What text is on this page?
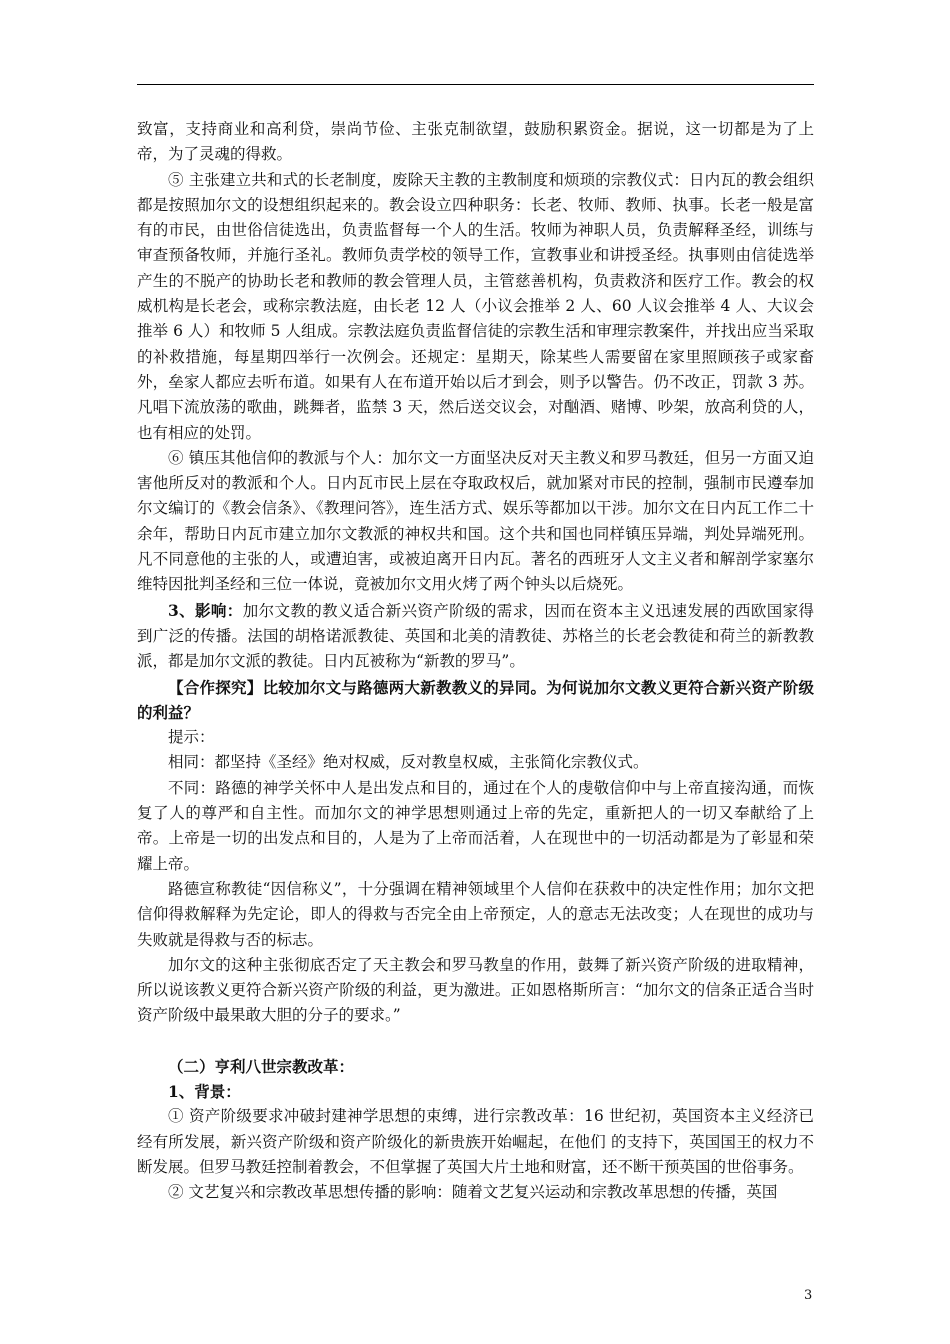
致富，支持商业和高利贷，崇尚节俭、主张克制欲望，鼓励积累资金。据说，这一切都是为了上帝，为了灵魂的得救。

⑤ 主张建立共和式的长老制度，废除天主教的主教制度和烦琐的宗教仪式：日内瓦的教会组织都是按照加尔文的设想组织起来的。教会设立四种职务：长老、牧师、教师、执事。长老一般是富有的市民，由世俗信徒选出，负责监督每一个人的生活。牧师为神职人员，负责解释圣经，训练与审查预备牧师，并施行圣礼。教师负责学校的领导工作，宣教事业和讲授圣经。执事则由信徒选举产生的不脱产的协助长老和教师的教会管理人员，主管慈善机构，负责救济和医疗工作。教会的权威机构是长老会，或称宗教法庭，由长老 12 人（小议会推举 2 人、60 人议会推举 4 人、大议会推举 6 人）和牧师 5 人组成。宗教法庭负责监督信徒的宗教生活和审理宗教案件，并找出应当采取的补救措施，每星期四举行一次例会。还规定：星期天，除某些人需要留在家里照顾孩子或家畜外，垒家人都应去听布道。如果有人在布道开始以后才到会，则予以警告。仍不改正，罚款 3 苏。凡唱下流放荡的歌曲，跳舞者，监禁 3 天，然后送交议会，对酗酒、赌博、吵架，放高利贷的人，也有相应的处罚。

⑥ 镇压其他信仰的教派与个人：加尔文一方面坚决反对天主教义和罗马教廷，但另一方面又迫害他所反对的教派和个人。日内瓦市民上层在夺取政权后，就加紧对市民的控制，强制市民遵奉加尔文编订的《教会信条》、《教理问答》，连生活方式、娱乐等都加以干涉。加尔文在日内瓦工作二十余年，帮助日内瓦市建立加尔文教派的神权共和国。这个共和国也同样镇压异端，判处异端死刑。凡不同意他的主张的人，或遭迫害，或被迫离开日内瓦。著名的西班牙人文主义者和解剖学家塞尔维特因批判圣经和三位一体说，竟被加尔文用火烤了两个钟头以后烧死。

3、影响：加尔文教的教义适合新兴资产阶级的需求，因而在资本主义迅速发展的西欧国家得到广泛的传播。法国的胡格诺派教徒、英国和北美的清教徒、苏格兰的长老会教徒和荷兰的新教教派，都是加尔文派的教徒。日内瓦被称为“新教的罗马”。

【合作探究】比较加尔文与路德两大新教教义的异同。为何说加尔文教义更符合新兴资产阶级的利益？

提示：

相同：都坚持《圣经》绝对权威，反对教皇权威，主张简化宗教仪式。

不同：路德的神学关怀中人是出发点和目的，通过在个人的虔敬信仰中与上帝直接沟通，而恢复了人的尊严和自主性。而加尔文的神学思想则通过上帝的先定，重新把人的一切又奉献给了上帝。上帝是一切的出发点和目的，人是为了上帝而活着，人在现世中的一切活动都是为了彰显和荣耀上帝。

路德宣称教徒“因信称义”，十分强调在精神领域里个人信仰在获救中的决定性作用；加尔文把信仰得救解释为先定论，即人的得救与否完全由上帝预定，人的意志无法改变；人在现世的成功与失败就是得救与否的标志。

加尔文的这种主张彻底否定了天主教会和罗马教皇的作用，鼓舞了新兴资产阶级的进取精神，所以说该教义更符合新兴资产阶级的利益，更为激进。正如恩格斯所言：“加尔文的信条正适合当时资产阶级中最果敢大胆的分子的要求。”

（二）亨利八世宗教改革：

1、背景：

① 资产阶级要求冲破封建神学思想的束缚，进行宗教改革：16 世纪初，英国资本主义经济已经有所发展，新兴资产阶级和资产阶级化的新贵族开始崛起，在他们 的支持下，英国国王的权力不断发展。但罗马教廷控制着教会，不但掌握了英国大片土地和财富，还不断干预英国的世俗事务。

② 文艺复兴和宗教改革思想传播的影响：随着文艺复兴运动和宗教改革思想的传播，英国

3
